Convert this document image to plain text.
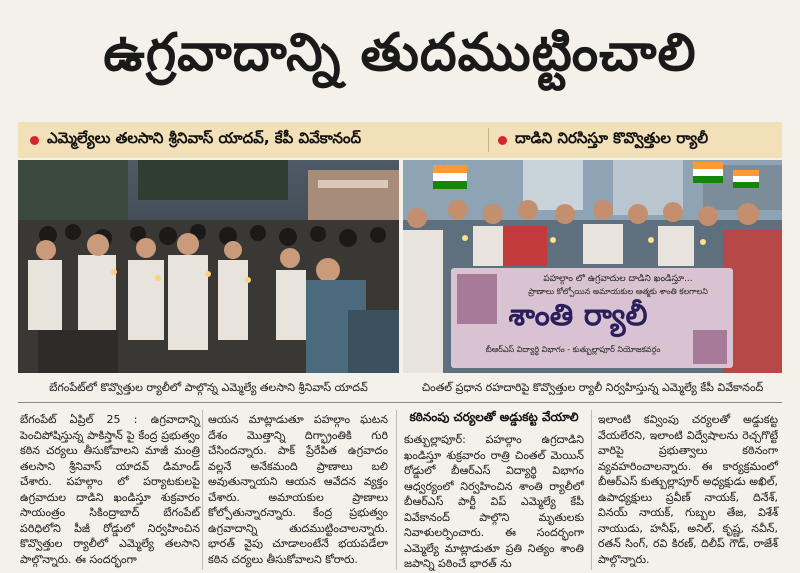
ఉగ్రవాదాన్ని తుదముట్టించాలి
ఎమ్మెల్యేలు తలసాని శ్రీనివాస్ యాదవ్, కేపీ వివేకానంద్	దాడిని నిరసిస్తూ కొవ్వొత్తుల ర్యాలీ
పహల్గాం లో ఉగ్రవాదుల దాడిని ఖండిస్తూ...
ప్రాణాలు కోల్పోయిన అమాయకుల ఆత్మకు శాంతి కలగాలని
శాంతి ర్యాలీ
బీఆర్ఎస్ విద్యార్థి విభాగం - కుత్బుల్లాపూర్ నియోజకవర్గం
బేగంపేట్‌లో కొవ్వొత్తుల ర్యాలీలో పాల్గొన్న ఎమ్మెల్యే తలసాని శ్రీనివాస్ యాదవ్	చింతల్ ప్రధాన రహదారిపై కొవ్వొత్తుల ర్యాలీ నిర్వహిస్తున్న ఎమ్మెల్యే కేపీ వివేకానంద్

బేగంపేట్ ఏప్రిల్ 25 : ఉగ్రవాదాన్ని పెంచిపోషిస్తున్న పాకిస్తాన్ పై కేంద్ర ప్రభుత్వం కఠిన చర్యలు తీసుకోవాలని మాజీ మంత్రి తలసాని శ్రీనివాస్ యాదవ్ డిమాండ్ చేశారు. పహల్గాం లో పర్యాటకులపై ఉగ్రవాదుల దాడిని ఖండిస్తూ శుక్రవారం సాయంత్రం సికింద్రాబాద్ బేగంపేట్ పరిధిలోని పీజీ రోడ్డులో నిర్వహించిన కొవ్వొత్తుల ర్యాలీలో ఎమ్మెల్యే తలసాని పాల్గొన్నారు. ఈ సందర్భంగా

ఆయన మాట్లాడుతూ పహల్గాం ఘటన దేశం మొత్తాన్ని దిగ్భ్రాంతికి గురి చేసిందన్నారు. పాక్ ప్రేరేపిత ఉగ్రవాదం వల్లనే అనేకమంది ప్రాణాలు బలి అవుతున్నాయని ఆయన ఆవేదన వ్యక్తం చేశారు. అమాయకుల ప్రాణాలు కోల్పోతున్నారన్నారు. కేంద్ర ప్రభుత్వం ఉగ్రవాదాన్ని తుదముట్టించాలన్నారు. భారత్ వైపు చూడాలంటేనే భయపడేలా కఠిన చర్యలు తీసుకోవాలని కోరారు.

కఠినంపు చర్యలతో అడ్డుకట్ట వేయాలి

కుత్బుల్లాపూర్: పహల్గాం ఉగ్రదాడిని ఖండిస్తూ శుక్రవారం రాత్రి చింతల్ మెయిన్ రోడ్డులో బీఆర్ఎస్ విద్యార్థి విభాగం ఆధ్వర్యంలో నిర్వహించిన శాంతి ర్యాలీలో బీఆర్ఎస్ పార్టీ విప్ ఎమ్మెల్యే కేపీ వివేకానంద్ పాల్గొని మృతులకు నివాళులర్పించారు. ఈ సందర్భంగా ఎమ్మెల్యే మాట్లాడుతూ ప్రతి నిత్యం శాంతి జపాన్ని పఠించే భారత్ ను

ఇలాంటి కవ్వింపు చర్యలతో అడ్డుకట్ట వేయలేరని, ఇలాంటి విద్వేషాలను రెచ్చగొట్టే వారిపై ప్రభుత్వాలు కఠినంగా వ్యవహరించాలన్నారు. ఈ కార్యక్రమంలో బీఆర్ఎస్ కుత్బుల్లాపూర్ అధ్యక్షుడు అఖిల్, ఉపాధ్యక్షులు ప్రవీణ్ నాయక్, దినేశ్, వినయ్ నాయక్, గుబ్బల తేజ, విశేశ్ నాయుడు, హనీఫ్, అనిల్, కృష్ణ, నవీన్, రతన్ సింగ్, రవి కిరణ్, దిలీప్ గౌడ్, రాజేశ్ పాల్గొన్నారు.
